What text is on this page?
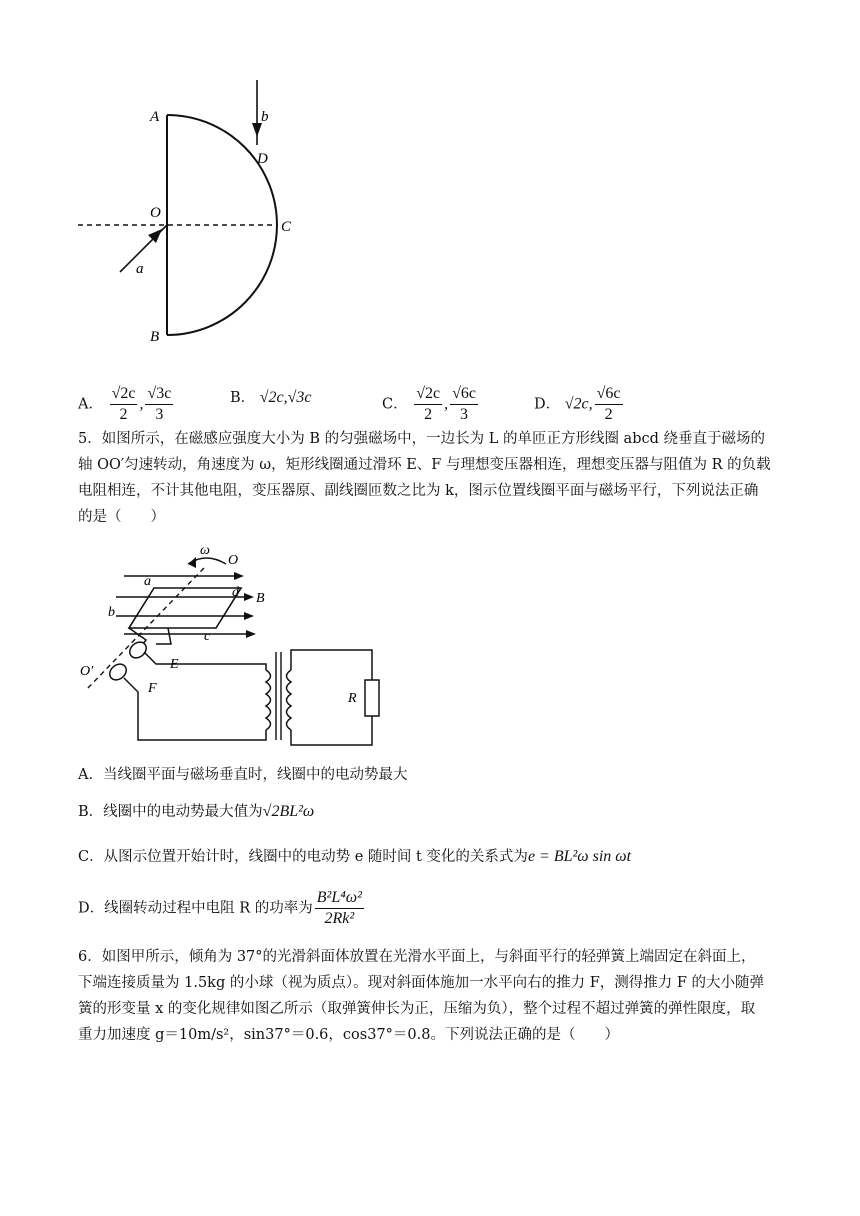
A
B
O
C
D
a
b
A． $\frac{√2c}{2}$ , $\frac{√3c}{3}$	B． √2c,√3c	C． $\frac{√2c}{2}$ , $\frac{√6c}{3}$	D． √2c, $\frac{√6c}{2}$
5．如图所示，在磁感应强度大小为 B 的匀强磁场中，一边长为 L 的单匝正方形线圈 abcd 绕垂直于磁场的
轴 OO′匀速转动，角速度为 ω，矩形线圈通过滑环 E、F 与理想变压器相连，理想变压器与阻值为 R 的负载
电阻相连，不计其他电阻，变压器原、副线圈匝数之比为 k，图示位置线圈平面与磁场平行，下列说法正确
的是（　　）
ω
O
a
d B
b
c
O′	E
F
R
A．当线圈平面与磁场垂直时，线圈中的电动势最大
B．线圈中的电动势最大值为√2BL²ω
C．从图示位置开始计时，线圈中的电动势 e 随时间 t 变化的关系式为e = BL²ω sin ωt
D．线圈转动过程中电阻 R 的功率为 $\frac{\text{B²L⁴ω²}}{\text{2Rk²}}$
6．如图甲所示，倾角为 37°的光滑斜面体放置在光滑水平面上，与斜面平行的轻弹簧上端固定在斜面上，
下端连接质量为 1.5kg 的小球（视为质点）。现对斜面体施加一水平向右的推力 F，测得推力 F 的大小随弹
簧的形变量 x 的变化规律如图乙所示（取弹簧伸长为正，压缩为负），整个过程不超过弹簧的弹性限度，取
重力加速度 g＝10m/s²，sin37°＝0.6，cos37°＝0.8。下列说法正确的是（　　）
